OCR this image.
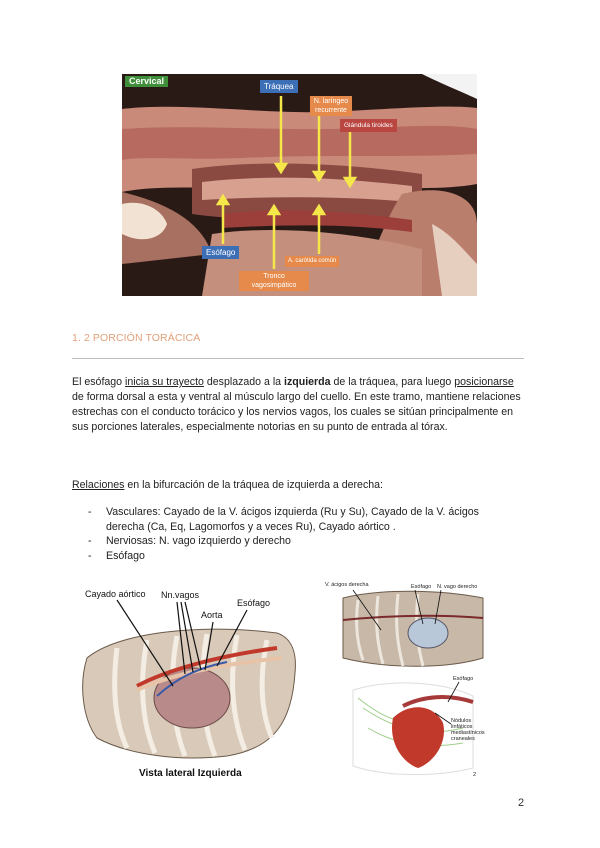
Cervical
Tráquea
N. laríngeo recurrente
Glándula tiroides
Esófago
A. carótida común
Tronco vagosimpático
1. 2 PORCIÓN TORÁCICA

El esófago inicia su trayecto desplazado a la izquierda de la tráquea, para luego posicionarse de forma dorsal a esta y ventral al músculo largo del cuello. En este tramo, mantiene relaciones estrechas con el conducto torácico y los nervios vagos, los cuales se sitúan principalmente en sus porciones laterales, especialmente notorias en su punto de entrada al tórax.

Relaciones en la bifurcación de la tráquea de izquierda a derecha:
- Vasculares: Cayado de la V. ácigos izquierda (Ru y Su), Cayado de la V. ácigos derecha (Ca, Eq, Lagomorfos y a veces Ru), Cayado aórtico .
- Nerviosas: N. vago izquierdo y derecho
- Esófago
Cayado aórtico Nn.vagos
Aorta
Esófago
Vista lateral Izquierda
V. ácigos derecha	Esófago N. vago derecho
Esófago
Nódulos linfáticos mediastínicos craneales
2
2
